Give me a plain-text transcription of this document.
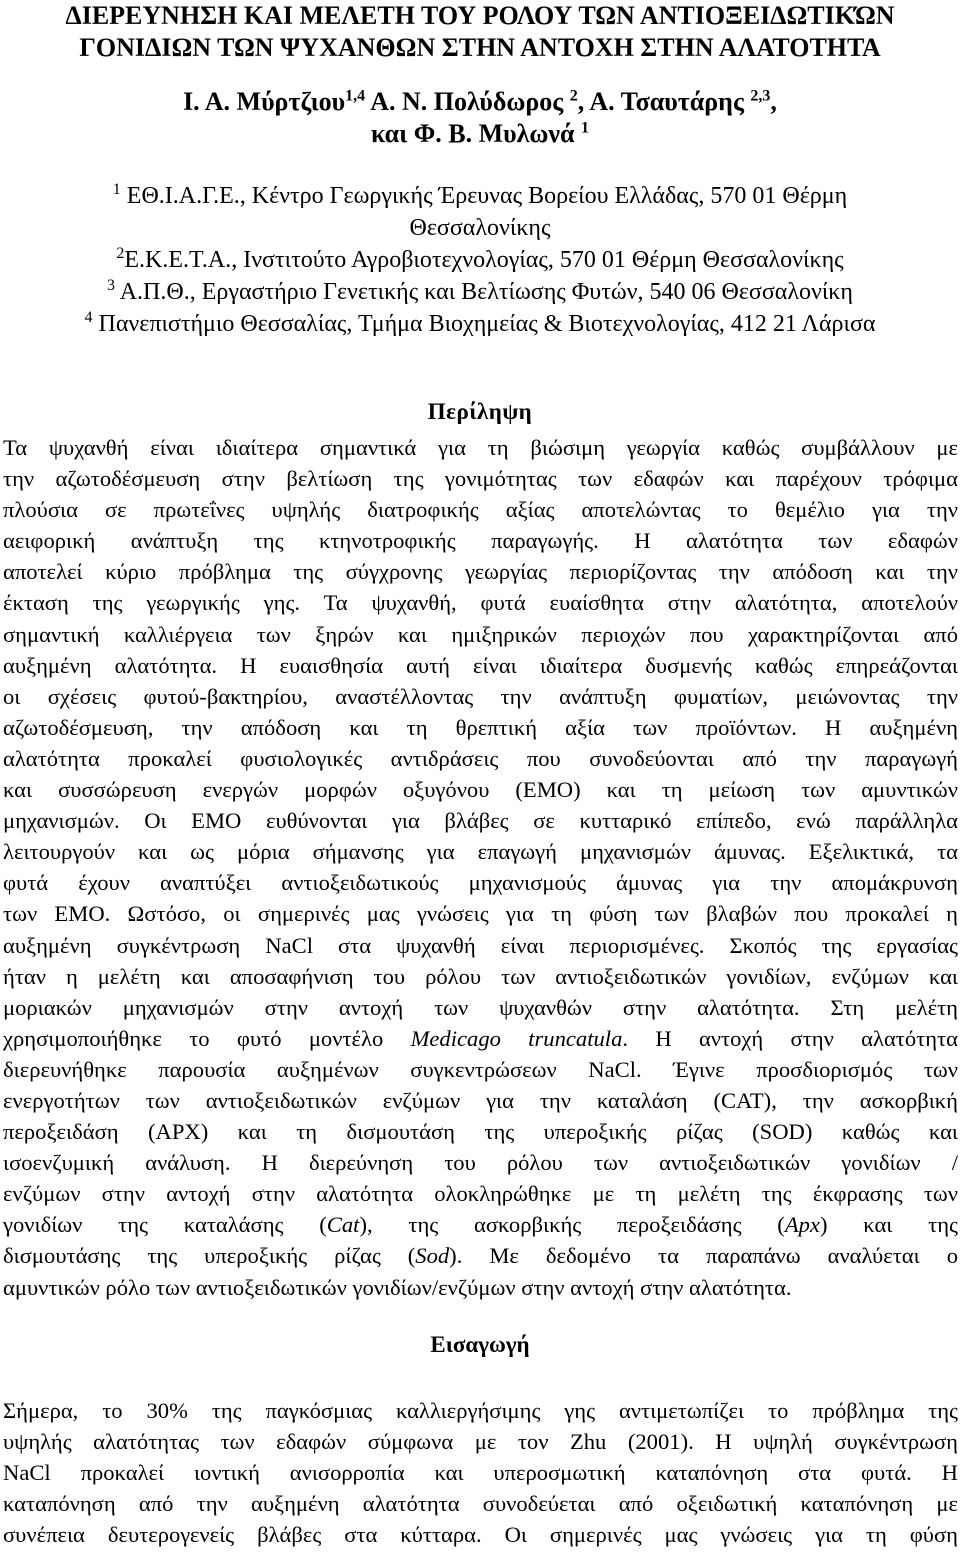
ΔΙΕΡΕΥΝΗΣΗ ΚΑΙ ΜΕΛΕΤΗ ΤΟΥ ΡΟΛΟΥ ΤΩΝ ΑΝΤΙΟΞΕΙΔΩΤΙΚΏΝ
ΓΟΝΙΔΙΩΝ ΤΩΝ ΨΥΧΑΝΘΩΝ ΣΤΗΝ ΑΝΤΟΧΗ ΣΤΗΝ ΑΛΑΤΟΤΗΤΑ
Ι. Α. Μύρτζιου$^{1,4}$ Α. Ν. Πολύδωρος $^2$, Α. Τσαυτάρης $^{2,3}$,
και Φ. Β. Μυλωνά $^1$
$^1$ ΕΘ.Ι.Α.Γ.Ε., Κέντρο Γεωργικής Έρευνας Βορείου Ελλάδας, 570 01 Θέρμη
Θεσσαλονίκης
$^2$Ε.Κ.Ε.Τ.Α., Ινστιτούτο Αγροβιοτεχνολογίας, 570 01 Θέρμη Θεσσαλονίκης
$^3$ Α.Π.Θ., Εργαστήριο Γενετικής και Βελτίωσης Φυτών, 540 06 Θεσσαλονίκη
$^4$ Πανεπιστήμιο Θεσσαλίας, Τμήμα Βιοχημείας & Βιοτεχνολογίας, 412 21 Λάρισα
Περίληψη
Τα ψυχανθή είναι ιδιαίτερα σημαντικά για τη βιώσιμη γεωργία καθώς συμβάλλουν με
την αζωτοδέσμευση στην βελτίωση της γονιμότητας των εδαφών και παρέχουν τρόφιμα
πλούσια σε πρωτεΐνες υψηλής διατροφικής αξίας αποτελώντας το θεμέλιο για την
αειφορική ανάπτυξη της κτηνοτροφικής παραγωγής. Η αλατότητα των εδαφών
αποτελεί κύριο πρόβλημα της σύγχρονης γεωργίας περιορίζοντας την απόδοση και την
έκταση της γεωργικής γης. Τα ψυχανθή, φυτά ευαίσθητα στην αλατότητα, αποτελούν
σημαντική καλλιέργεια των ξηρών και ημιξηρικών περιοχών που χαρακτηρίζονται από
αυξημένη αλατότητα. Η ευαισθησία αυτή είναι ιδιαίτερα δυσμενής καθώς επηρεάζονται
οι σχέσεις φυτού-βακτηρίου, αναστέλλοντας την ανάπτυξη φυματίων, μειώνοντας την
αζωτοδέσμευση, την απόδοση και τη θρεπτική αξία των προϊόντων. Η αυξημένη
αλατότητα προκαλεί φυσιολογικές αντιδράσεις που συνοδεύονται από την παραγωγή
και συσσώρευση ενεργών μορφών οξυγόνου (ΕΜΟ) και τη μείωση των αμυντικών
μηχανισμών. Οι ΕΜΟ ευθύνονται για βλάβες σε κυτταρικό επίπεδο, ενώ παράλληλα
λειτουργούν και ως μόρια σήμανσης για επαγωγή μηχανισμών άμυνας. Εξελικτικά, τα
φυτά έχουν αναπτύξει αντιοξειδωτικούς μηχανισμούς άμυνας για την απομάκρυνση
των ΕΜΟ. Ωστόσο, οι σημερινές μας γνώσεις για τη φύση των βλαβών που προκαλεί η
αυξημένη συγκέντρωση NaCl στα ψυχανθή είναι περιορισμένες. Σκοπός της εργασίας
ήταν η μελέτη και αποσαφήνιση του ρόλου των αντιοξειδωτικών γονιδίων, ενζύμων και
μοριακών μηχανισμών στην αντοχή των ψυχανθών στην αλατότητα. Στη μελέτη
χρησιμοποιήθηκε το φυτό μοντέλο Medicago truncatula. Η αντοχή στην αλατότητα
διερευνήθηκε παρουσία αυξημένων συγκεντρώσεων NaCl. Έγινε προσδιορισμός των
ενεργοτήτων των αντιοξειδωτικών ενζύμων για την καταλάση (CAT), την ασκορβική
περοξειδάση (APX) και τη δισμουτάση της υπεροξικής ρίζας (SOD) καθώς και
ισοενζυμική ανάλυση. Η διερεύνηση του ρόλου των αντιοξειδωτικών γονιδίων /
ενζύμων στην αντοχή στην αλατότητα ολοκληρώθηκε με τη μελέτη της έκφρασης των
γονιδίων της καταλάσης (Cat), της ασκορβικής περοξειδάσης (Apx) και της
δισμουτάσης της υπεροξικής ρίζας (Sod). Με δεδομένο τα παραπάνω αναλύεται ο
αμυντικών ρόλο των αντιοξειδωτικών γονιδίων/ενζύμων στην αντοχή στην αλατότητα.
Εισαγωγή
Σήμερα, το 30% της παγκόσμιας καλλιεργήσιμης γης αντιμετωπίζει το πρόβλημα της
υψηλής αλατότητας των εδαφών σύμφωνα με τον Zhu (2001). Η υψηλή συγκέντρωση
NaCl προκαλεί ιοντική ανισορροπία και υπεροσμωτική καταπόνηση στα φυτά. Η
καταπόνηση από την αυξημένη αλατότητα συνοδεύεται από οξειδωτική καταπόνηση με
συνέπεια δευτερογενείς βλάβες στα κύτταρα. Οι σημερινές μας γνώσεις για τη φύση
